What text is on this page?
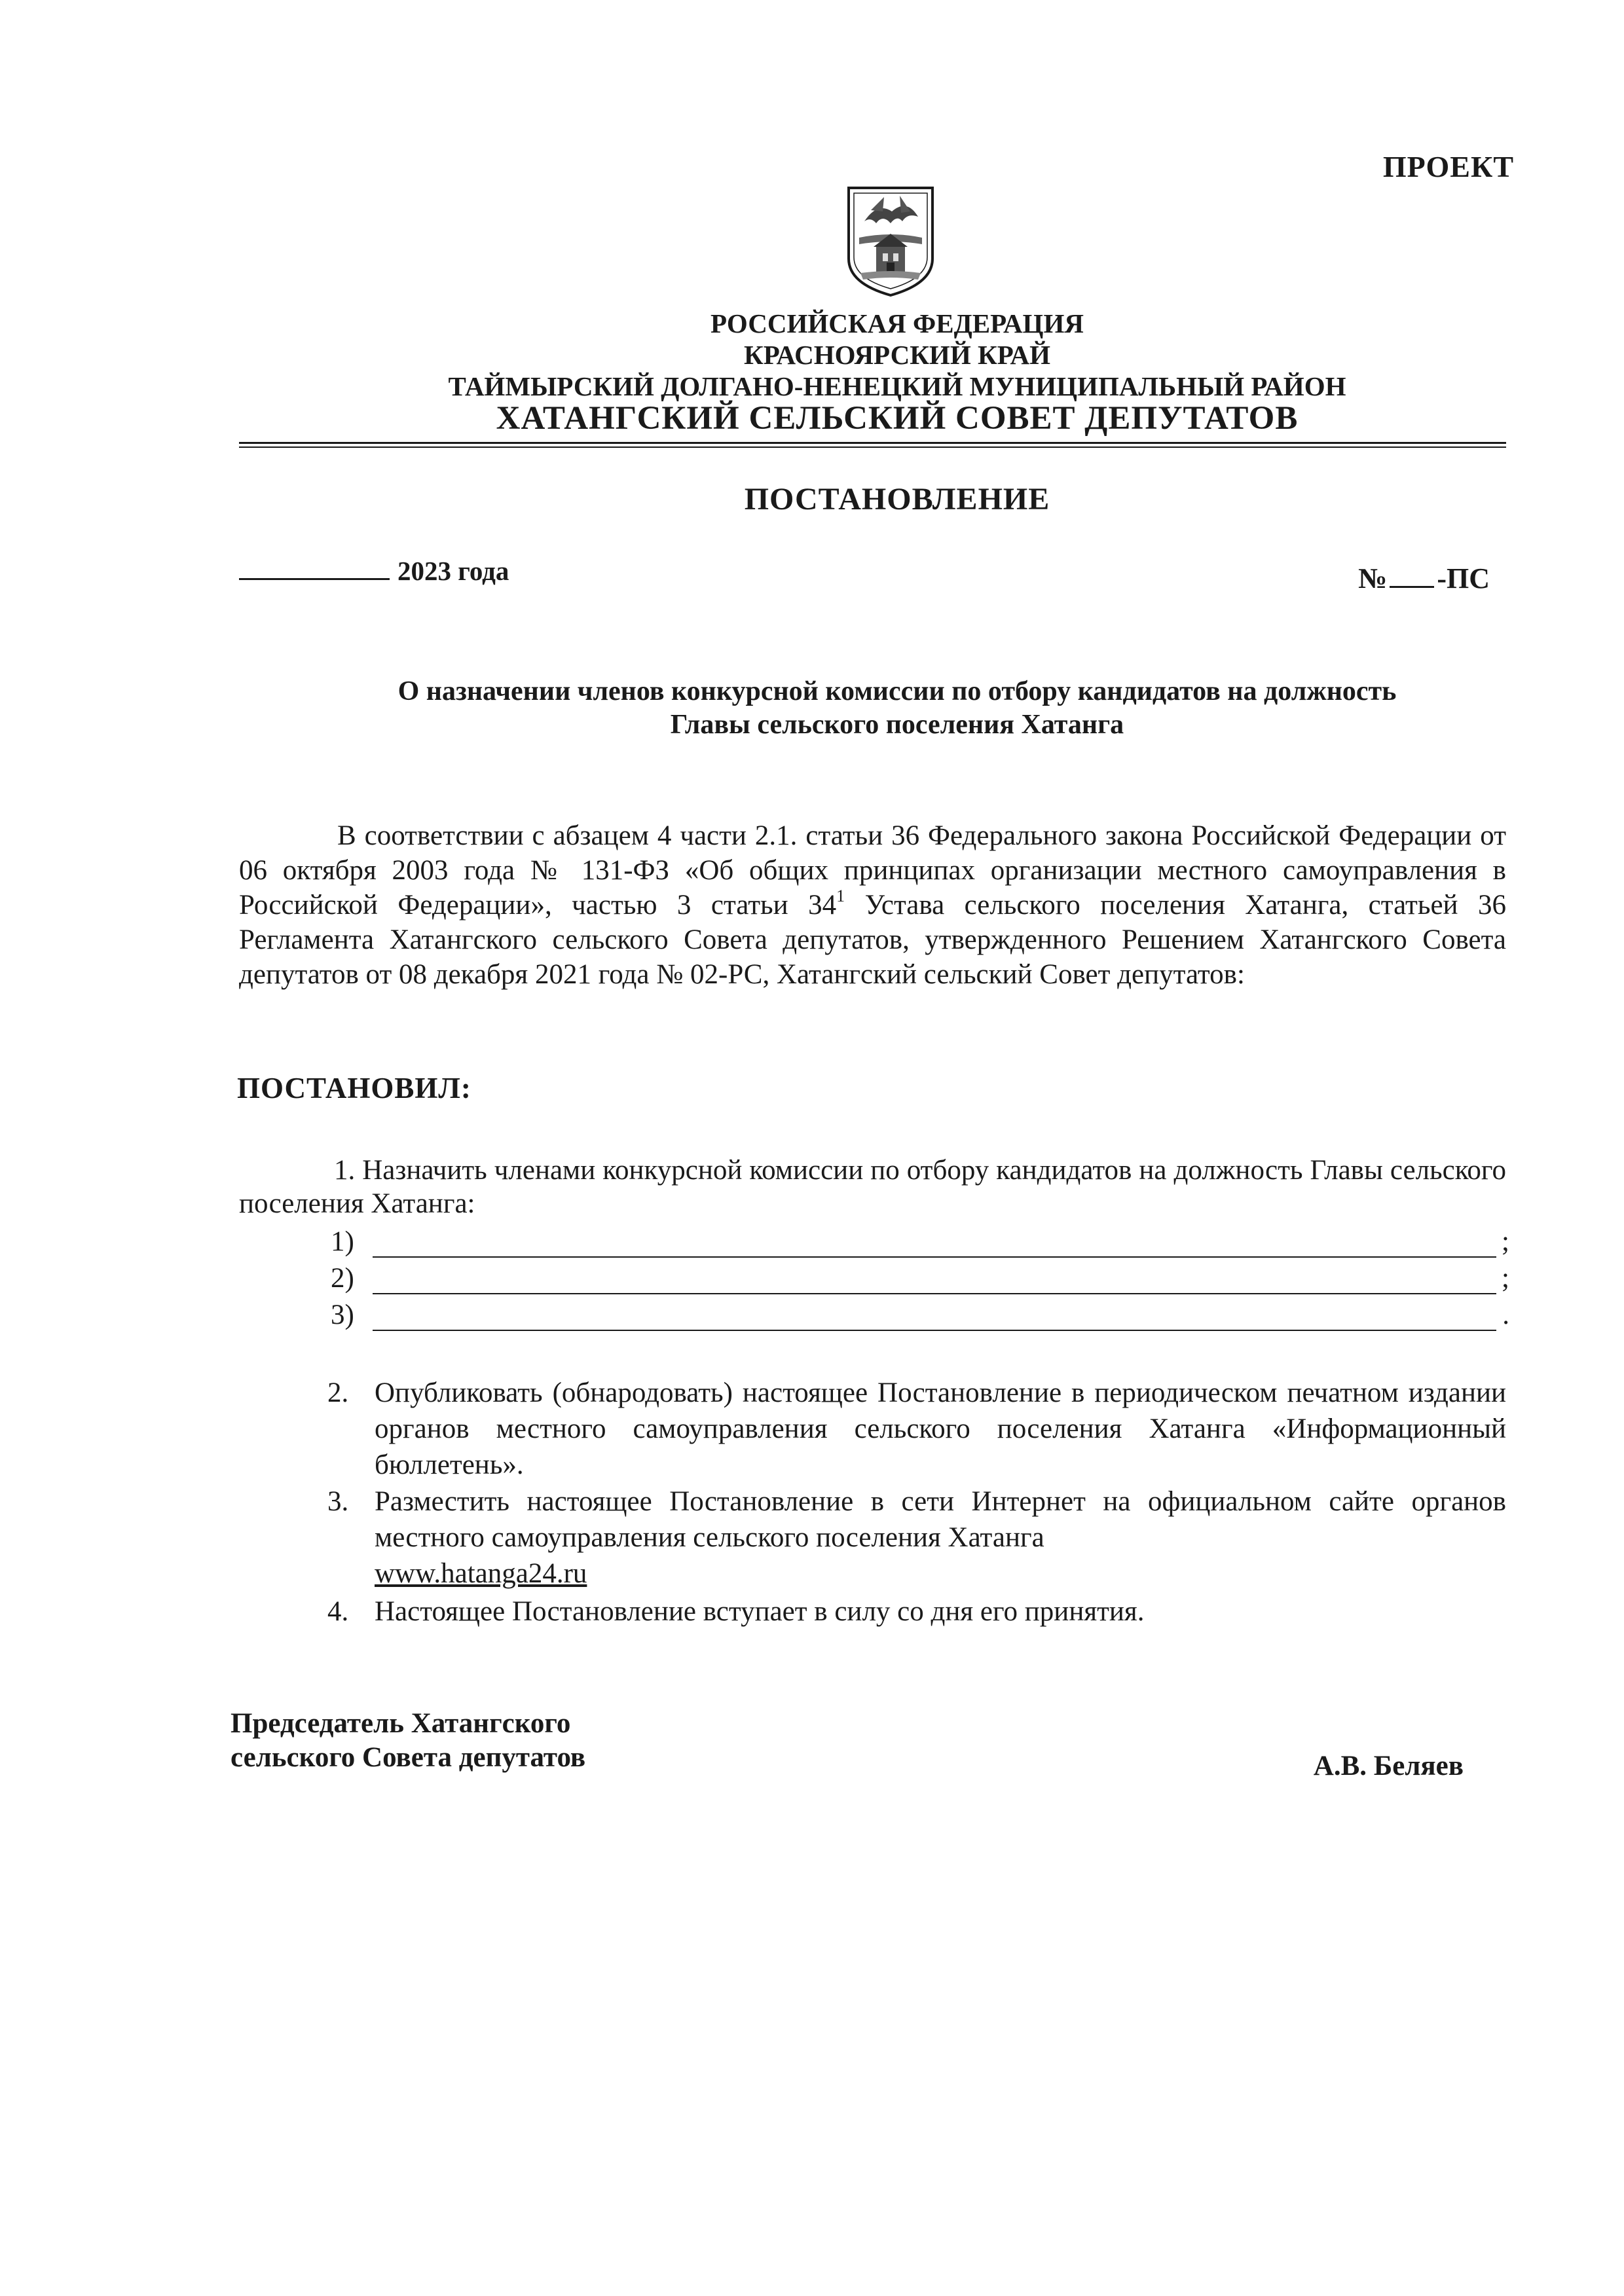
ПРОЕКТ
РОССИЙСКАЯ ФЕДЕРАЦИЯ
КРАСНОЯРСКИЙ КРАЙ
ТАЙМЫРСКИЙ ДОЛГАНО-НЕНЕЦКИЙ МУНИЦИПАЛЬНЫЙ РАЙОН
ХАТАНГСКИЙ СЕЛЬСКИЙ СОВЕТ ДЕПУТАТОВ
ПОСТАНОВЛЕНИЕ
2023 года	№ -ПС
О назначении членов конкурсной комиссии по отбору кандидатов на должность
Главы сельского поселения Хатанга
В соответствии с абзацем 4 части 2.1. статьи 36 Федерального закона Российской Федерации от 06 октября 2003 года № 131-ФЗ «Об общих принципах организации местного самоуправления в Российской Федерации», частью 3 статьи $34^1$ Устава сельского поселения Хатанга, статьей 36 Регламента Хатангского сельского Совета депутатов, утвержденного Решением Хатангского Совета депутатов от 08 декабря 2021 года № 02-РС, Хатангский сельский Совет депутатов:
ПОСТАНОВИЛ:
1. Назначить членами конкурсной комиссии по отбору кандидатов на должность Главы сельского поселения Хатанга:
1)	;
2)	;
3)	.
2. Опубликовать (обнародовать) настоящее Постановление в периодическом печатном издании органов местного самоуправления сельского поселения Хатанга «Информационный бюллетень».
3. Разместить настоящее Постановление в сети Интернет на официальном сайте органов местного самоуправления сельского поселения Хатанга
www.hatanga24.ru
4. Настоящее Постановление вступает в силу со дня его принятия.
Председатель Хатангского
сельского Совета депутатов	А.В. Беляев
